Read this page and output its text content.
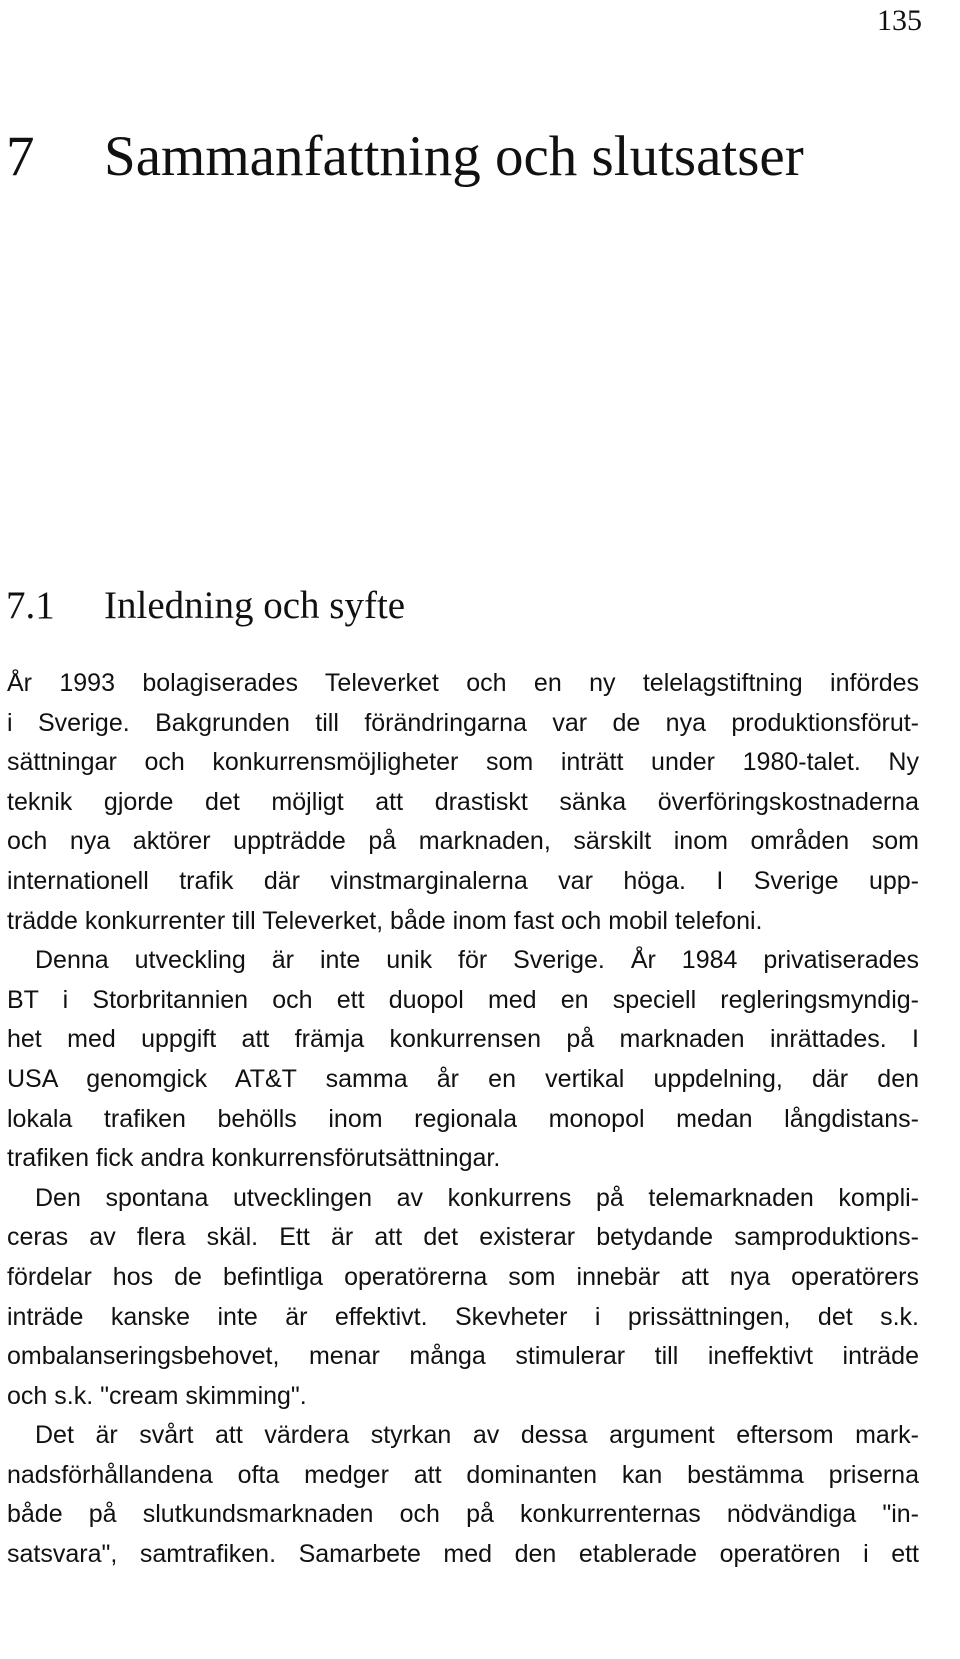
135
7 Sammanfattning och slutsatser
7.1 Inledning och syfte
År 1993 bolagiserades Televerket och en ny telelagstiftning infördes
i Sverige. Bakgrunden till förändringarna var de nya produktionsförut-
sättningar och konkurrensmöjligheter som inträtt under 1980-talet. Ny
teknik gjorde det möjligt att drastiskt sänka överföringskostnaderna
och nya aktörer uppträdde på marknaden, särskilt inom områden som
internationell trafik där vinstmarginalerna var höga. I Sverige upp-
trädde konkurrenter till Televerket, både inom fast och mobil telefoni.
Denna utveckling är inte unik för Sverige. År 1984 privatiserades
BT i Storbritannien och ett duopol med en speciell regleringsmyndig-
het med uppgift att främja konkurrensen på marknaden inrättades. I
USA genomgick AT&T samma år en vertikal uppdelning, där den
lokala trafiken behölls inom regionala monopol medan långdistans-
trafiken fick andra konkurrensförutsättningar.
Den spontana utvecklingen av konkurrens på telemarknaden kompli-
ceras av flera skäl. Ett är att det existerar betydande samproduktions-
fördelar hos de befintliga operatörerna som innebär att nya operatörers
inträde kanske inte är effektivt. Skevheter i prissättningen, det s.k.
ombalanseringsbehovet, menar många stimulerar till ineffektivt inträde
och s.k. "cream skimming".
Det är svårt att värdera styrkan av dessa argument eftersom mark-
nadsförhållandena ofta medger att dominanten kan bestämma priserna
både på slutkundsmarknaden och på konkurrenternas nödvändiga "in-
satsvara", samtrafiken. Samarbete med den etablerade operatören i ett
